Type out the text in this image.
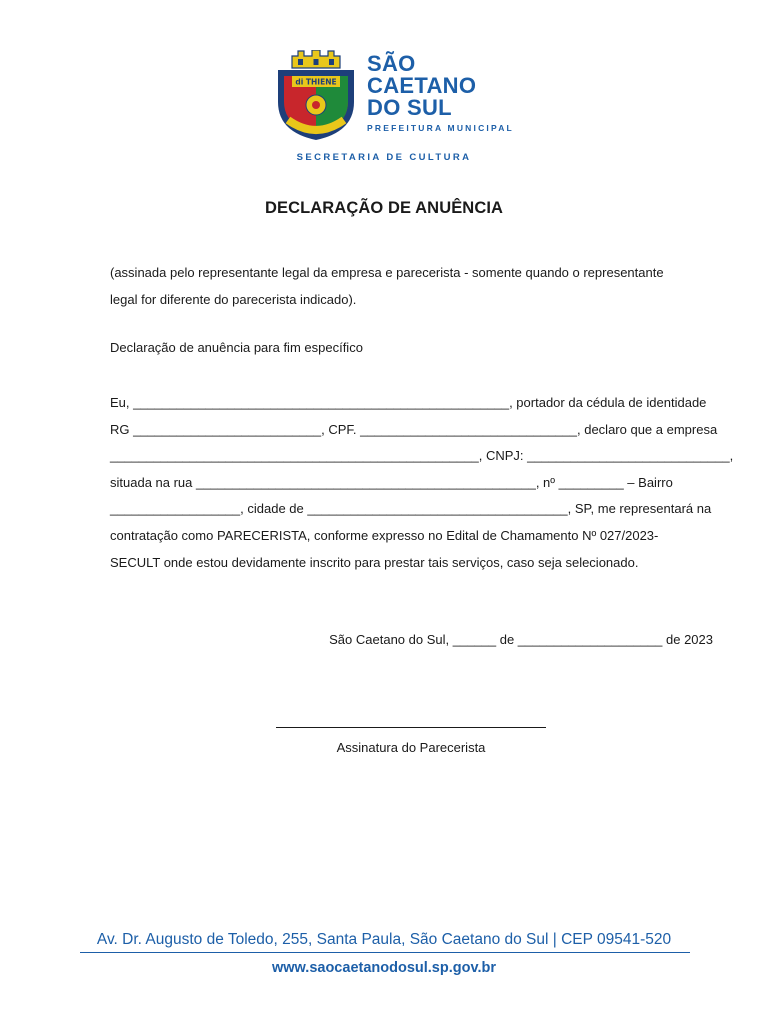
di THIENE
SÃO
CAETANO
DO SUL
PREFEITURA MUNICIPAL
SECRETARIA DE CULTURA
DECLARAÇÃO DE ANUÊNCIA
(assinada pelo representante legal da empresa e parecerista - somente quando o representante
legal for diferente do parecerista indicado).
Declaração de anuência para fim específico
Eu, ____________________________________________________, portador da cédula de identidade
RG __________________________, CPF. ______________________________, declaro que a empresa
___________________________________________________, CNPJ: ____________________________,
situada na rua _______________________________________________, nº _________ – Bairro
__________________, cidade de ____________________________________, SP, me representará na
contratação como PARECERISTA, conforme expresso no Edital de Chamamento Nº 027/2023-
SECULT onde estou devidamente inscrito para prestar tais serviços, caso seja selecionado.
São Caetano do Sul, ______ de ____________________ de 2023
Assinatura do Parecerista
Av. Dr. Augusto de Toledo, 255, Santa Paula, São Caetano do Sul | CEP 09541-520
www.saocaetanodosul.sp.gov.br
